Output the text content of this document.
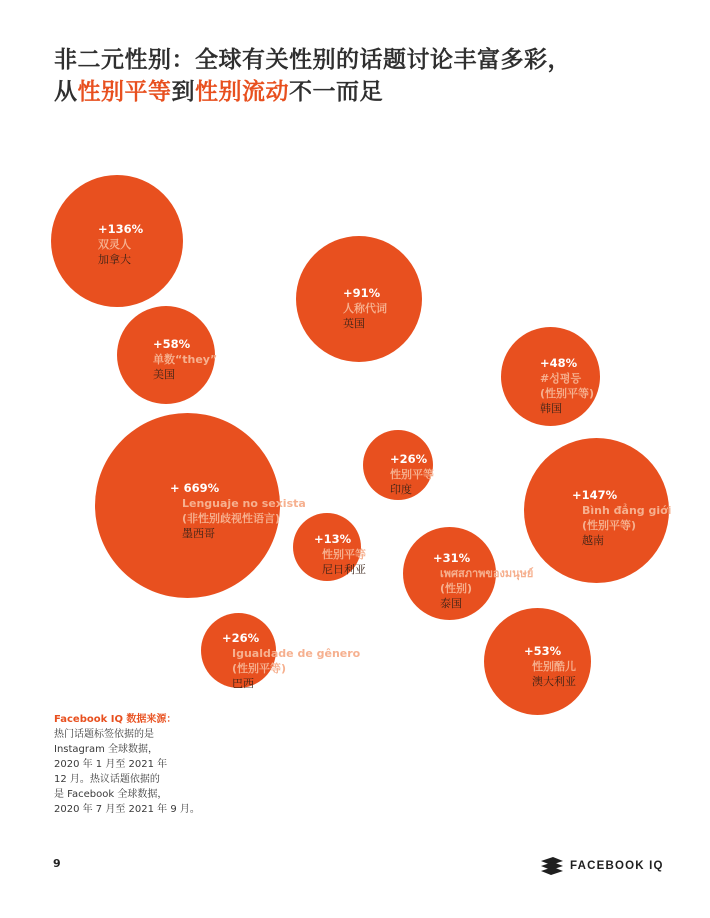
非二元性别：全球有关性别的话题讨论丰富多彩，
从性别平等到性别流动不一而足
+136%
双灵人
加拿大
+91%
人称代词
英国
+58%
单数“they”
美国
+48%
#성평등
(性别平等)
韩国
+26%
性别平等
印度
+ 669%
Lenguaje no sexista
(非性别歧视性语言)
墨西哥
+147%
Bình đẳng giới
(性别平等)
越南
+13%
性别平等
尼日利亚
+31%
เพศสภาพของมนุษย์
(性别)
泰国
+26%
Igualdade de gênero
(性别平等)
巴西
+53%
性别酷儿
澳大利亚
Facebook IQ 数据来源：
热门话题标签依据的是
Instagram 全球数据，
2020 年 1 月至 2021 年
12 月。热议话题依据的
是 Facebook 全球数据，
2020 年 7 月至 2021 年 9 月。
9	FACEBOOK IQ
